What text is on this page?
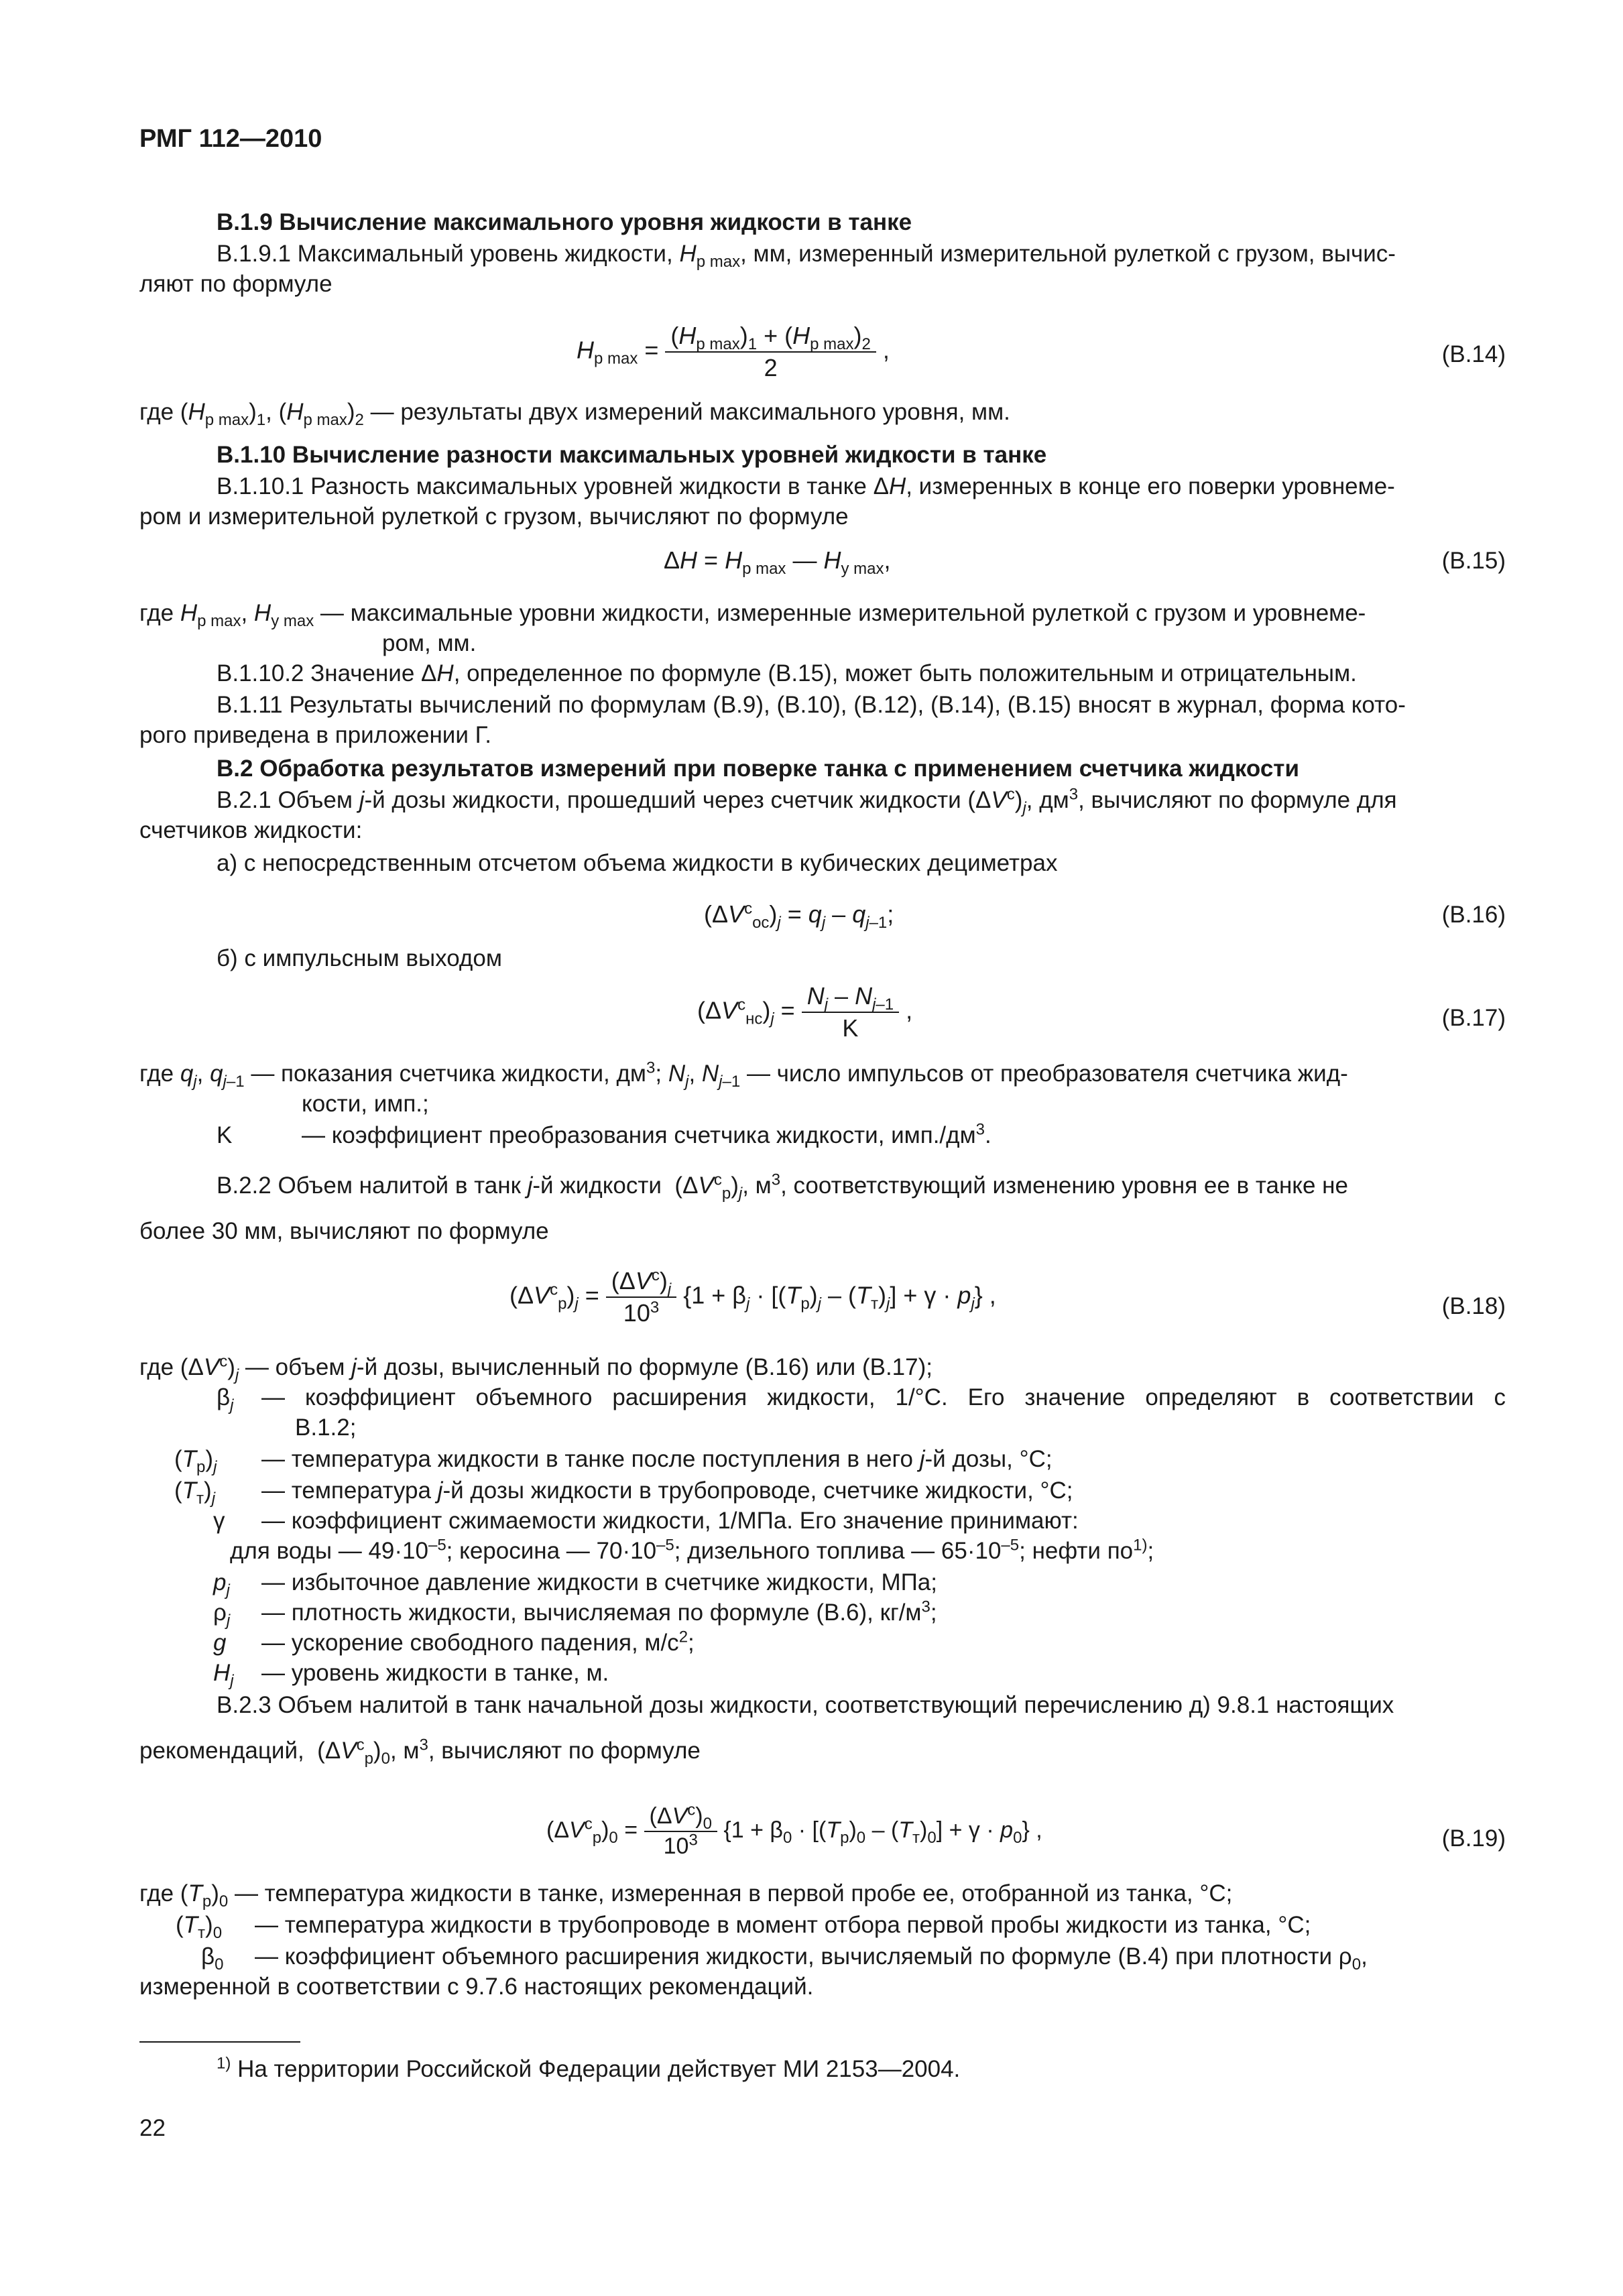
РМГ 112—2010
В.1.9 Вычисление максимального уровня жидкости в танке
В.1.9.1 Максимальный уровень жидкости, $H_{р max}$, мм, измеренный измерительной рулеткой с грузом, вычис-
ляют по формуле
$H_{р max} = \frac{(H_{р max})_1 + (H_{р max})_2}{2}$ ,	(В.14)
где $(H_{р max})_1$, $(H_{р max})_2$ — результаты двух измерений максимального уровня, мм.
В.1.10 Вычисление разности максимальных уровней жидкости в танке
В.1.10.1 Разность максимальных уровней жидкости в танке ΔH, измеренных в конце его поверки уровнеме-
ром и измерительной рулеткой с грузом, вычисляют по формуле
$\Delta H = H_{р max}$ — $H_{у max}$,	(В.15)
где $H_{р max}$, $H_{у max}$ — максимальные уровни жидкости, измеренные измерительной рулеткой с грузом и уровнеме-
ром, мм.
В.1.10.2 Значение ΔH, определенное по формуле (В.15), может быть положительным и отрицательным.
В.1.11 Результаты вычислений по формулам (В.9), (В.10), (В.12), (В.14), (В.15) вносят в журнал, форма кото-
рого приведена в приложении Г.
В.2 Обработка результатов измерений при поверке танка с применением счетчика жидкости
В.2.1 Объем j-й дозы жидкости, прошедший через счетчик жидкости $(\Delta V^с)_j$, $дм^3$, вычисляют по формуле для
счетчиков жидкости:
а) с непосредственным отсчетом объема жидкости в кубических дециметрах
$(\Delta V^с_{ос})_j = q_j - q_{j-1}$;	(В.16)
б) с импульсным выходом
$(\Delta V^с_{нс})_j = \frac{N_j - N_{j-1}}{K}$ ,	(В.17)
где $q_j$, $q_{j-1}$ — показания счетчика жидкости, $дм^3$; $N_j$, $N_{j-1}$ — число импульсов от преобразователя счетчика жид-
кости, имп.;
K	— коэффициент преобразования счетчика жидкости, $имп./дм^3$.
В.2.2 Объем налитой в танк j-й жидкости  $(\Delta V^с_р)_j$, $м^3$, соответствующий изменению уровня ее в танке не
более 30 мм, вычисляют по формуле
$(\Delta V^с_р)_j = \frac{(\Delta V^с)_j}{10^3} \{1 + \beta_j \cdot [(T_р)_j - (T_т)_j] + \gamma \cdot p_j\}$ ,	(В.18)
где $(\Delta V^с)_j$ — объем j-й дозы, вычисленный по формуле (В.16) или (В.17);
$\beta_j$ — коэффициент объемного расширения жидкости, 1/°С. Его значение определяют в соответствии с
В.1.2;
$(T_р)_j$ — температура жидкости в танке после поступления в него j-й дозы, °С;
$(T_т)_j$ — температура j-й дозы жидкости в трубопроводе, счетчике жидкости, °С;
γ — коэффициент сжимаемости жидкости, 1/МПа. Его значение принимают:
для воды — $49\cdot 10^{-5}$; керосина — $70\cdot 10^{-5}$; дизельного топлива — $65\cdot 10^{-5}$; нефти $по^{1)}$;
$p_j$ — избыточное давление жидкости в счетчике жидкости, МПа;
$\rho_j$ — плотность жидкости, вычисляемая по формуле (В.6), $кг/м^3$;
g — ускорение свободного падения, $м/с^2$;
$H_j$ — уровень жидкости в танке, м.
В.2.3 Объем налитой в танк начальной дозы жидкости, соответствующий перечислению д) 9.8.1 настоящих
рекомендаций,  $(\Delta V^с_р)_0$, $м^3$, вычисляют по формуле
$(\Delta V^с_р)_0 = \frac{(\Delta V^с)_0}{10^3} \{1 + \beta_0 \cdot [(T_р)_0 - (T_т)_0] + \gamma \cdot p_0\}$ ,	(В.19)
где $(T_р)_0$ — температура жидкости в танке, измеренная в первой пробе ее, отобранной из танка, °С;
$(T_т)_0$ — температура жидкости в трубопроводе в момент отбора первой пробы жидкости из танка, °С;
$\beta_0$ — коэффициент объемного расширения жидкости, вычисляемый по формуле (В.4) при плотности $\rho_0$,
измеренной в соответствии с 9.7.6 настоящих рекомендаций.
$^{1)}$ На территории Российской Федерации действует МИ 2153—2004.
22
